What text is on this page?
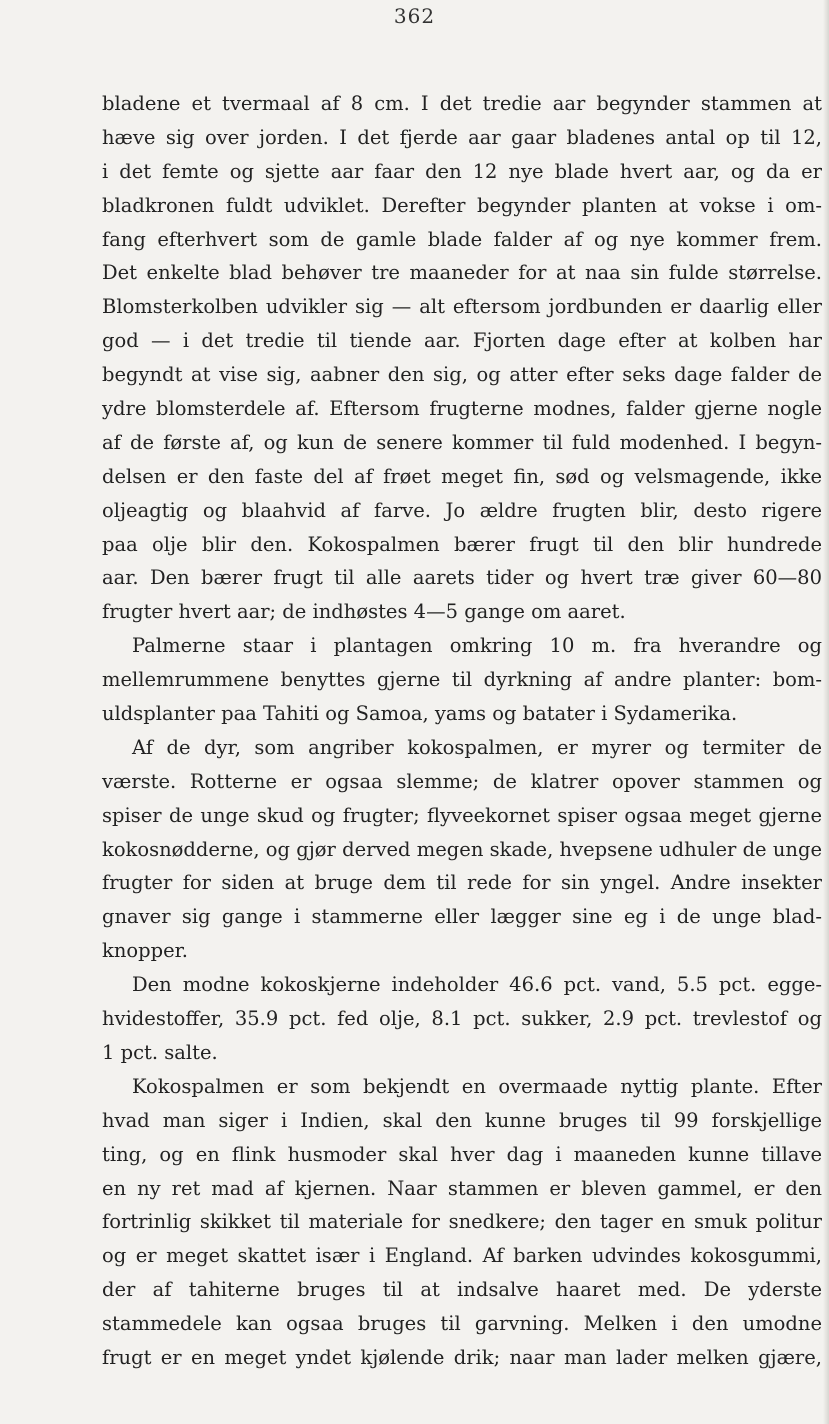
362
bladene et tvermaal af 8 cm. I det tredie aar begynder stammen at
hæve sig over jorden. I det fjerde aar gaar bladenes antal op til 12,
i det femte og sjette aar faar den 12 nye blade hvert aar, og da er
bladkronen fuldt udviklet. Derefter begynder planten at vokse i om-
fang efterhvert som de gamle blade falder af og nye kommer frem.
Det enkelte blad behøver tre maaneder for at naa sin fulde størrelse.
Blomsterkolben udvikler sig — alt eftersom jordbunden er daarlig eller
god — i det tredie til tiende aar. Fjorten dage efter at kolben har
begyndt at vise sig, aabner den sig, og atter efter seks dage falder de
ydre blomsterdele af. Eftersom frugterne modnes, falder gjerne nogle
af de første af, og kun de senere kommer til fuld modenhed. I begyn-
delsen er den faste del af frøet meget fin, sød og velsmagende, ikke
oljeagtig og blaahvid af farve. Jo ældre frugten blir, desto rigere
paa olje blir den. Kokospalmen bærer frugt til den blir hundrede
aar. Den bærer frugt til alle aarets tider og hvert træ giver 60—80
frugter hvert aar; de indhøstes 4—5 gange om aaret.
Palmerne staar i plantagen omkring 10 m. fra hverandre og
mellemrummene benyttes gjerne til dyrkning af andre planter: bom-
uldsplanter paa Tahiti og Samoa, yams og batater i Sydamerika.
Af de dyr, som angriber kokospalmen, er myrer og termiter de
værste. Rotterne er ogsaa slemme; de klatrer opover stammen og
spiser de unge skud og frugter; flyveekornet spiser ogsaa meget gjerne
kokosnødderne, og gjør derved megen skade, hvepsene udhuler de unge
frugter for siden at bruge dem til rede for sin yngel. Andre insekter
gnaver sig gange i stammerne eller lægger sine eg i de unge blad-
knopper.
Den modne kokoskjerne indeholder 46.6 pct. vand, 5.5 pct. egge-
hvidestoffer, 35.9 pct. fed olje, 8.1 pct. sukker, 2.9 pct. trevlestof og
1 pct. salte.
Kokospalmen er som bekjendt en overmaade nyttig plante. Efter
hvad man siger i Indien, skal den kunne bruges til 99 forskjellige
ting, og en flink husmoder skal hver dag i maaneden kunne tillave
en ny ret mad af kjernen. Naar stammen er bleven gammel, er den
fortrinlig skikket til materiale for snedkere; den tager en smuk politur
og er meget skattet især i England. Af barken udvindes kokosgummi,
der af tahiterne bruges til at indsalve haaret med. De yderste
stammedele kan ogsaa bruges til garvning. Melken i den umodne
frugt er en meget yndet kjølende drik; naar man lader melken gjære,
